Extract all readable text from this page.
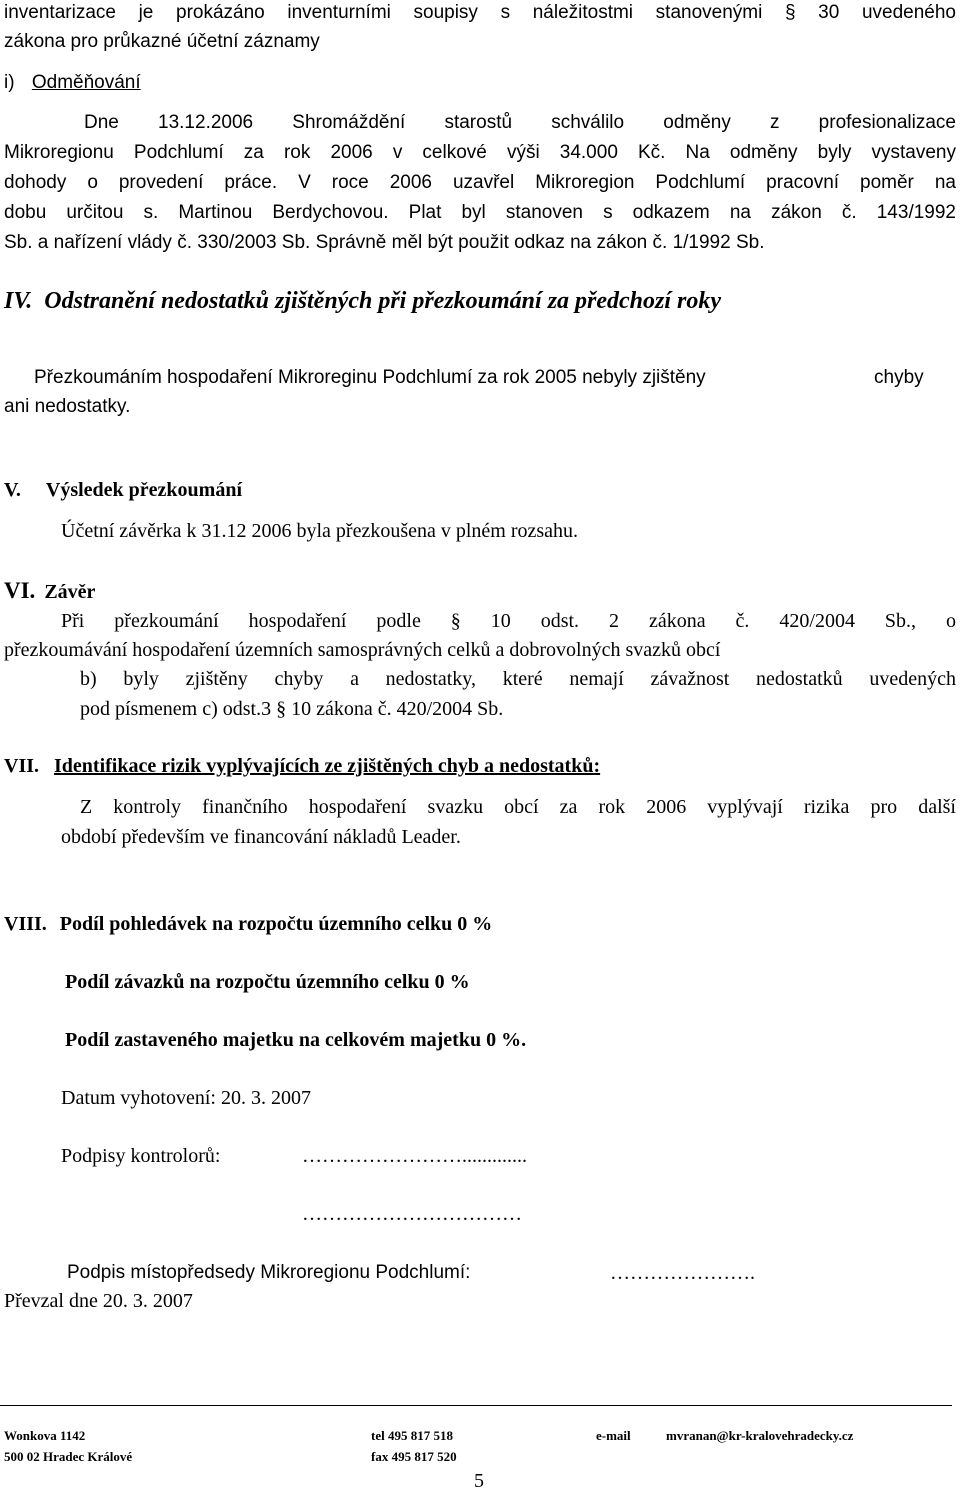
inventarizace je prokázáno inventurními soupisy s náležitostmi stanovenými § 30 uvedeného
zákona pro průkazné účetní záznamy
i) Odměňování
Dne 13.12.2006 Shromáždění starostů schválilo odměny z profesionalizace
Mikroregionu Podchlumí za rok 2006 v celkové výši 34.000 Kč. Na odměny byly vystaveny
dohody o provedení práce. V roce 2006 uzavřel Mikroregion Podchlumí pracovní poměr na
dobu určitou s. Martinou Berdychovou. Plat byl stanoven s odkazem na zákon č. 143/1992
Sb. a nařízení vlády č. 330/2003 Sb. Správně měl být použit odkaz na zákon č. 1/1992 Sb.
IV. Odstranění nedostatků zjištěných při přezkoumání za předchozí roky
Přezkoumáním hospodaření Mikroreginu Podchlumí za rok 2005 nebyly zjištěny	chyby
ani nedostatky.
V. Výsledek přezkoumání
Účetní závěrka k 31.12 2006 byla přezkoušena v plném rozsahu.
VI. Závěr
Při přezkoumání hospodaření podle § 10 odst. 2 zákona č. 420/2004 Sb., o
přezkoumávání hospodaření územních samosprávných celků a dobrovolných svazků obcí
b) byly zjištěny chyby a nedostatky, které nemají závažnost nedostatků uvedených
pod písmenem c) odst.3 § 10 zákona č. 420/2004 Sb.
VII. Identifikace rizik vyplývajících ze zjištěných chyb a nedostatků:
Z kontroly finančního hospodaření svazku obcí za rok 2006 vyplývají rizika pro další
období především ve financování nákladů Leader.
VIII. Podíl pohledávek na rozpočtu územního celku 0 %
Podíl závazků na rozpočtu územního celku 0 %
Podíl zastaveného majetku na celkovém majetku 0 %.
Datum vyhotovení: 20. 3. 2007
Podpisy kontrolorů:	…………………….............
……………………………
Podpis místopředsedy Mikroregionu Podchlumí:	………………….
Převzal dne 20. 3. 2007
Wonkova 1142
500 02 Hradec Králové
tel 495 817 518
fax 495 817 520
e-mail	mvranan@kr-kralovehradecky.cz
5
